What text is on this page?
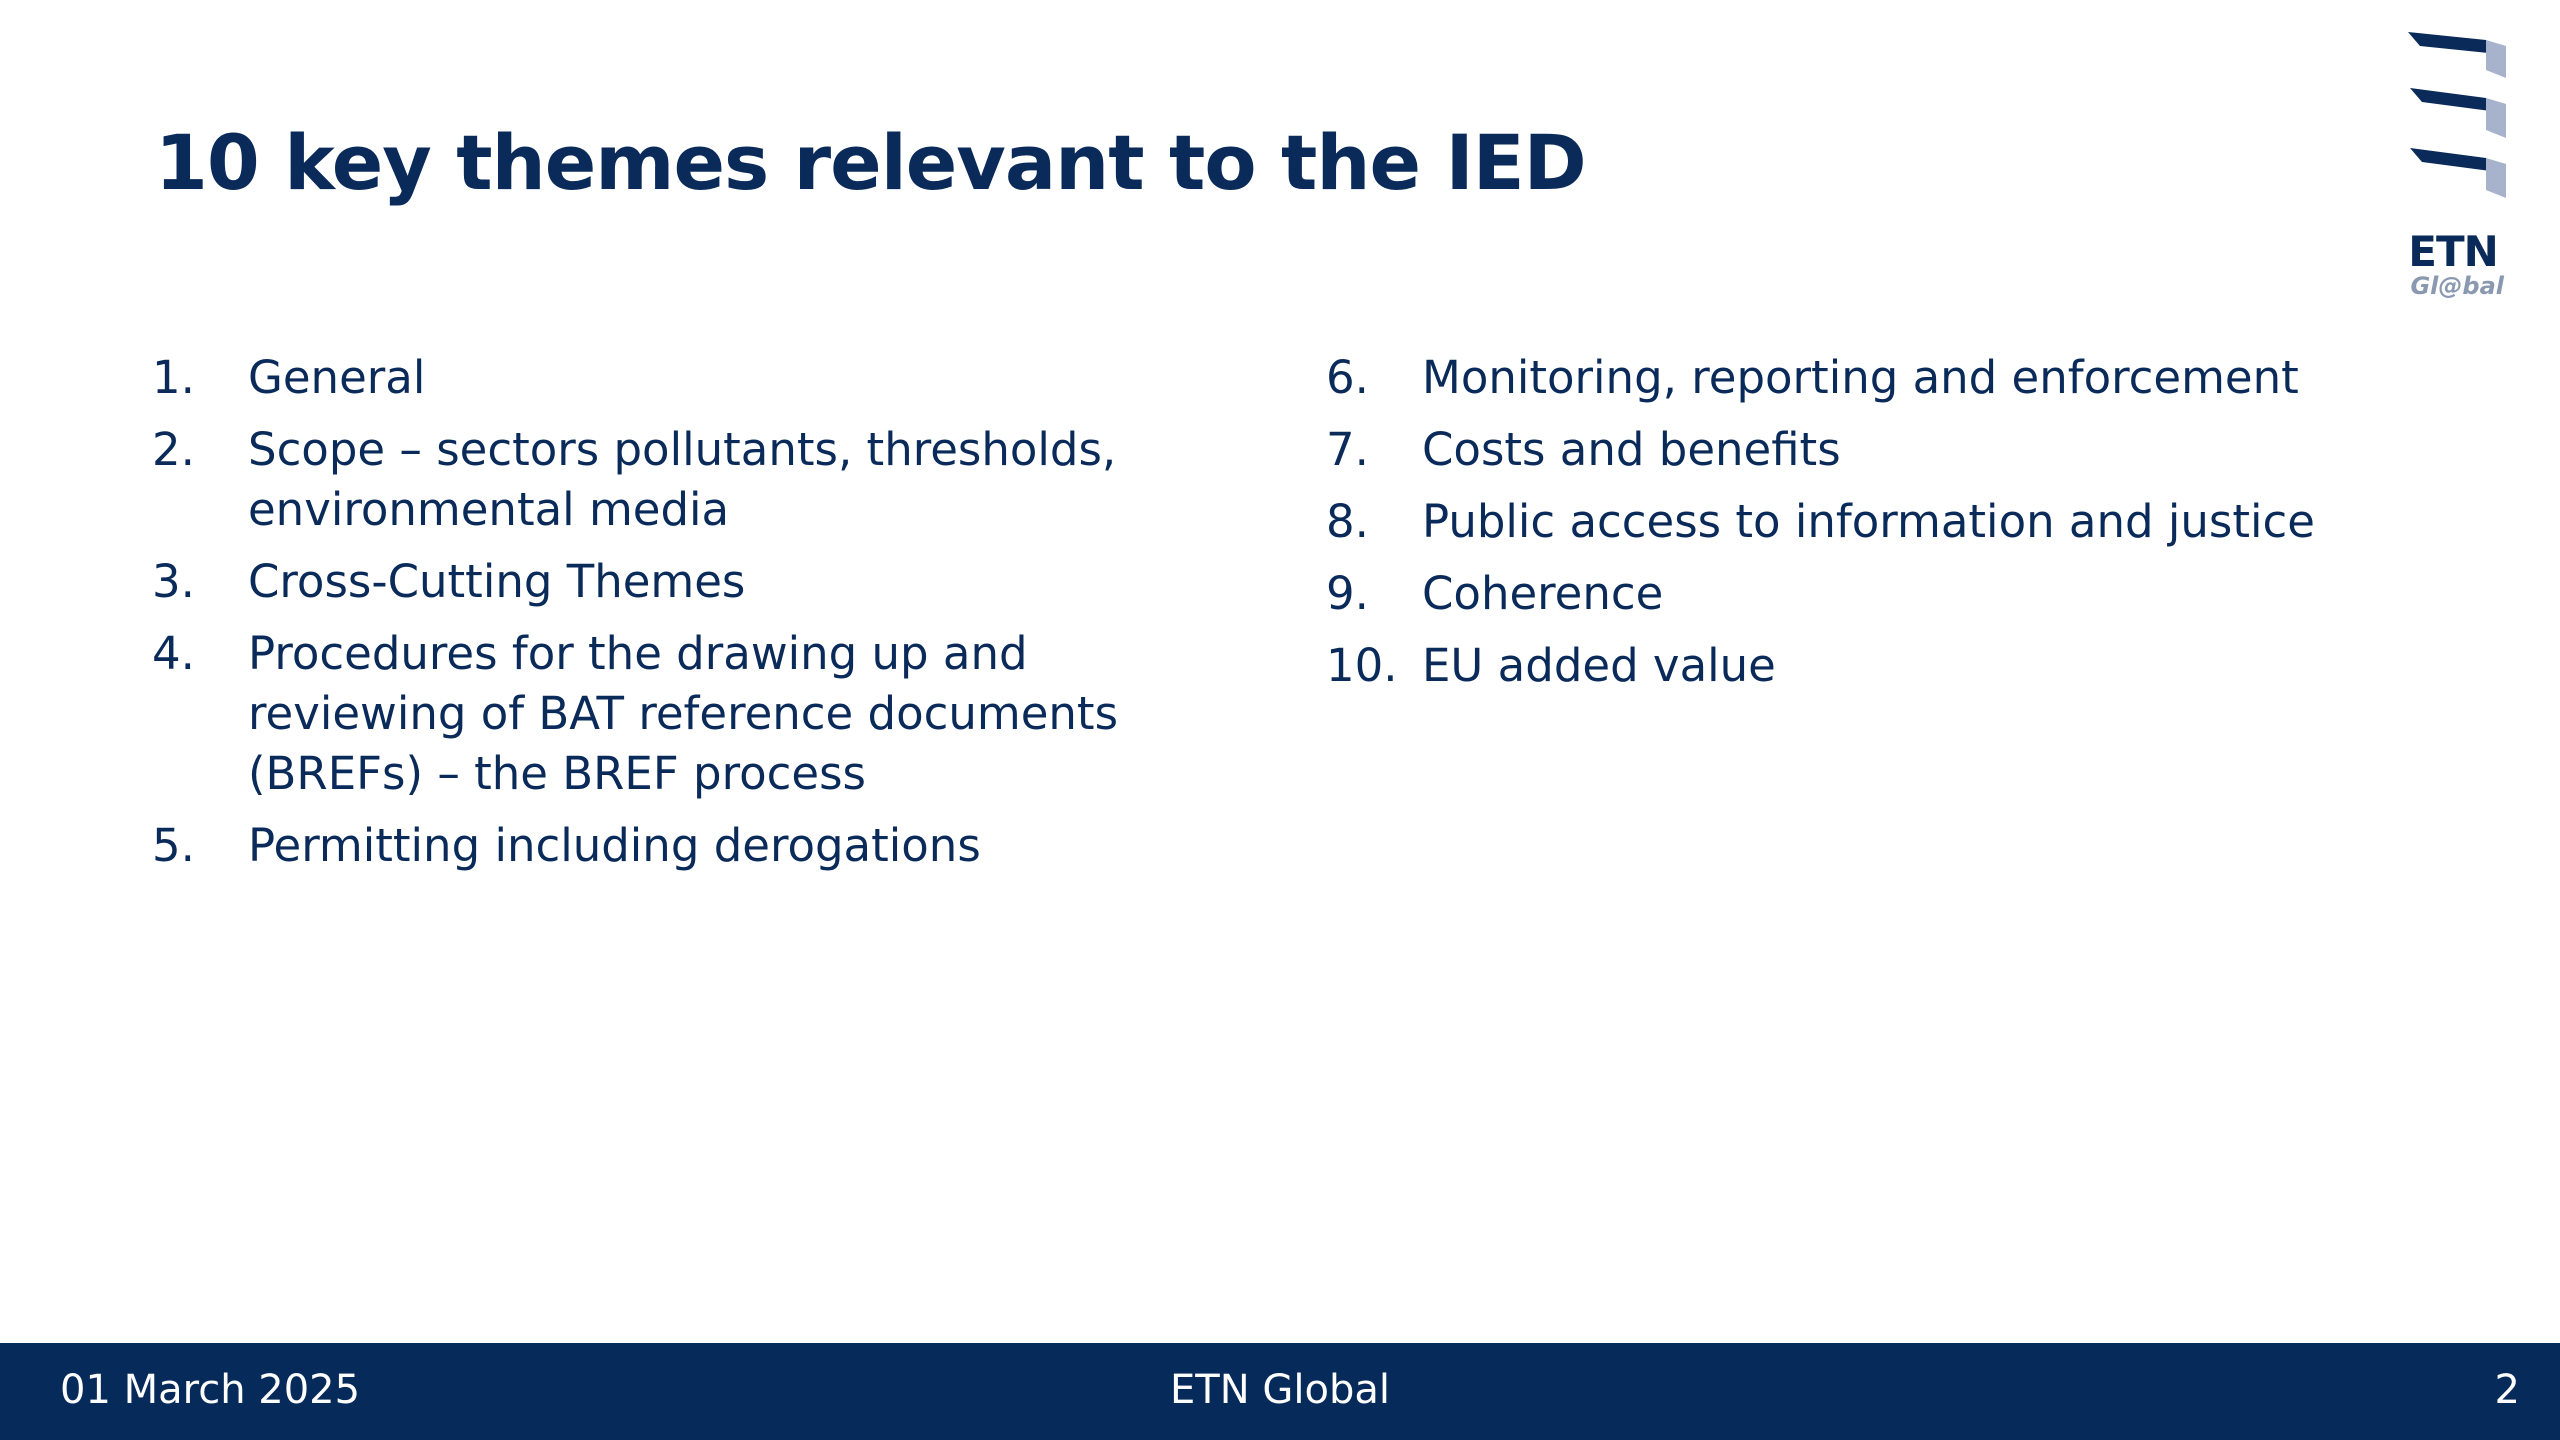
10 key themes relevant to the IED
ETN
Gl@bal
1.	General
2.	Scope – sectors pollutants, thresholds, environmental media
3.	Cross-Cutting Themes
4.	Procedures for the drawing up and reviewing of BAT reference documents (BREFs) – the BREF process
5.	Permitting including derogations
6.	Monitoring, reporting and enforcement
7.	Costs and benefits
8.	Public access to information and justice
9.	Coherence
10. EU added value
01 March 2025	ETN Global	2
